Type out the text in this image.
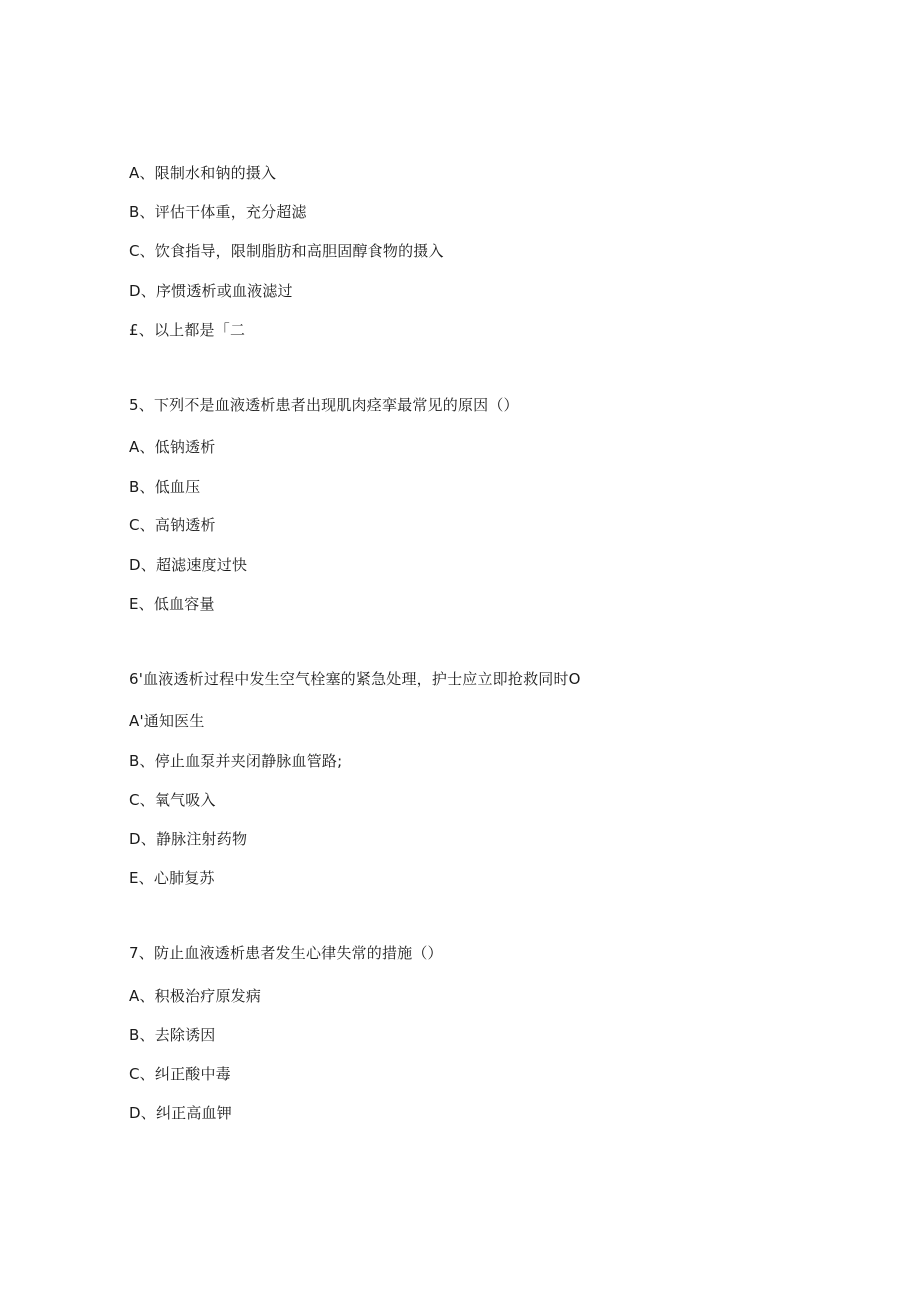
A、限制水和钠的摄入
B、评估干体重，充分超滤
C、饮食指导，限制脂肪和高胆固醇食物的摄入
D、序惯透析或血液滤过
£、以上都是「二
5、下列不是血液透析患者出现肌肉痉挛最常见的原因（）
A、低钠透析
B、低血压
C、高钠透析
D、超滤速度过快
E、低血容量
6'血液透析过程中发生空气栓塞的紧急处理，护士应立即抢救同时O
A'通知医生
B、停止血泵并夹闭静脉血管路;
C、氧气吸入
D、静脉注射药物
E、心肺复苏
7、防止血液透析患者发生心律失常的措施（）
A、积极治疗原发病
B、去除诱因
C、纠正酸中毒
D、纠正高血钾
